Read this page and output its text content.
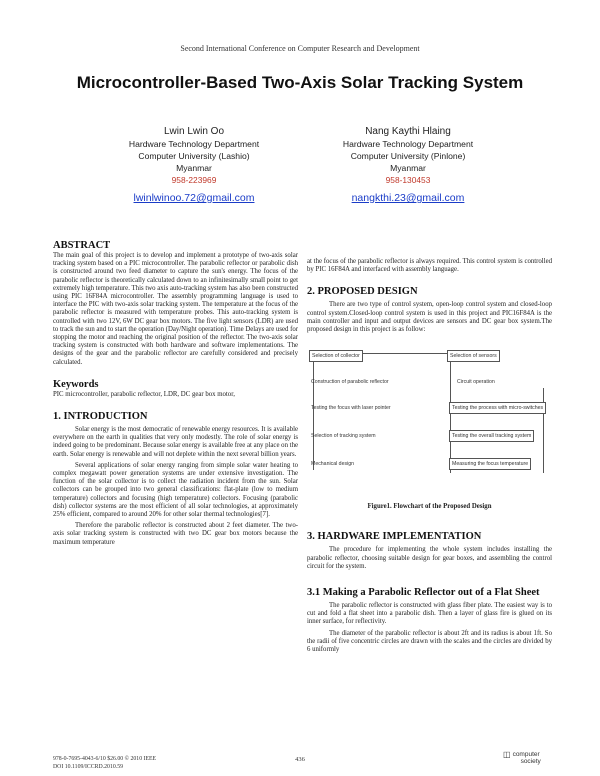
Second International Conference on Computer Research and Development
Microcontroller-Based Two-Axis Solar Tracking System
Lwin Lwin Oo
Hardware Technology Department
Computer University (Lashio)
Myanmar
958-223969
lwinlwinoo.72@gmail.com
Nang Kaythi Hlaing
Hardware Technology Department
Computer University (Pinlone)
Myanmar
958-130453
nangkthi.23@gmail.com
ABSTRACT

The main goal of this project is to develop and implement a prototype of two-axis solar tracking system based on a PIC microcontroller. The parabolic reflector or parabolic dish is constructed around two feed diameter to capture the sun's energy. The focus of the parabolic reflector is theoretically calculated down to an infinitesimally small point to get extremely high temperature. This two axis auto-tracking system has also been constructed using PIC 16F84A microcontroller. The assembly programming language is used to interface the PIC with two-axis solar tracking system. The temperature at the focus of the parabolic reflector is measured with temperature probes. This auto-tracking system is controlled with two 12V, 6W DC gear box motors. The five light sensors (LDR) are used to track the sun and to start the operation (Day/Night operation). Time Delays are used for stopping the motor and reaching the original position of the reflector. The two-axis solar tracking system is constructed with both hardware and software implementations. The designs of the gear and the parabolic reflector are carefully considered and precisely calculated.

Keywords

PIC microcontroller, parabolic reflector, LDR, DC gear box motor,

1. INTRODUCTION

Solar energy is the most democratic of renewable energy resources. It is available everywhere on the earth in qualities that very only modestly. The role of solar energy is indeed going to be predominant. Because solar energy is available free at any place on the earth. Solar energy is renewable and will not deplete within the next several billion years.

Several applications of solar energy ranging from simple solar water heating to complex megawatt power generation systems are under extensive investigation. The function of the solar collector is to collect the radiation incident from the sun. Solar collectors can be grouped into two general classifications: flat-plate (low to medium temperature) collectors and focusing (high temperature) collectors. Focusing (parabolic dish) collector systems are the most efficient of all solar technologies, at approximately 25% efficient, compared to around 20% for other solar thermal technologies[7].

Therefore the parabolic reflector is constructed about 2 feet diameter. The two-axis solar tracking system is constructed with two DC gear box motors because the maximum temperature

at the focus of the parabolic reflector is always required. This control system is controlled by PIC 16F84A and interfaced with assembly language.

2. PROPOSED DESIGN

There are two type of control system, open-loop control system and closed-loop control system.Closed-loop control system is used in this project and PIC16F84A is the main controller and input and output devices are sensors and DC gear box system.The proposed design in this project is as follow:

Selection of collector
Construction of parabolic reflector
Testing the focus with laser pointer
Selection of tracking system
Mechanical design
Selection of sensors
Circuit operation
Testing the process with micro-switches
Testing the overall tracking system
Measuring the focus temperature
Figure1. Flowchart of the Proposed Design
3. HARDWARE IMPLEMENTATION

The procedure for implementing the whole system includes installing the parabolic reflector, choosing suitable design for gear boxes, and assembling the control circuit for the system.

3.1 Making a Parabolic Reflector out of a Flat Sheet

The parabolic reflector is constructed with glass fiber plate. The easiest way is to cut and fold a flat sheet into a parabolic dish. Then a layer of glass fire is glued on its inner surface, for reflectivity.

The diameter of the parabolic reflector is about 2ft and its radius is about 1ft. So the radii of five concentric circles are drawn with the scales and the circles are divided by 6 uniformly

978-0-7695-4043-6/10 $26.00 © 2010 IEEE
DOI 10.1109/ICCRD.2010.59
436
◫ computer
society
